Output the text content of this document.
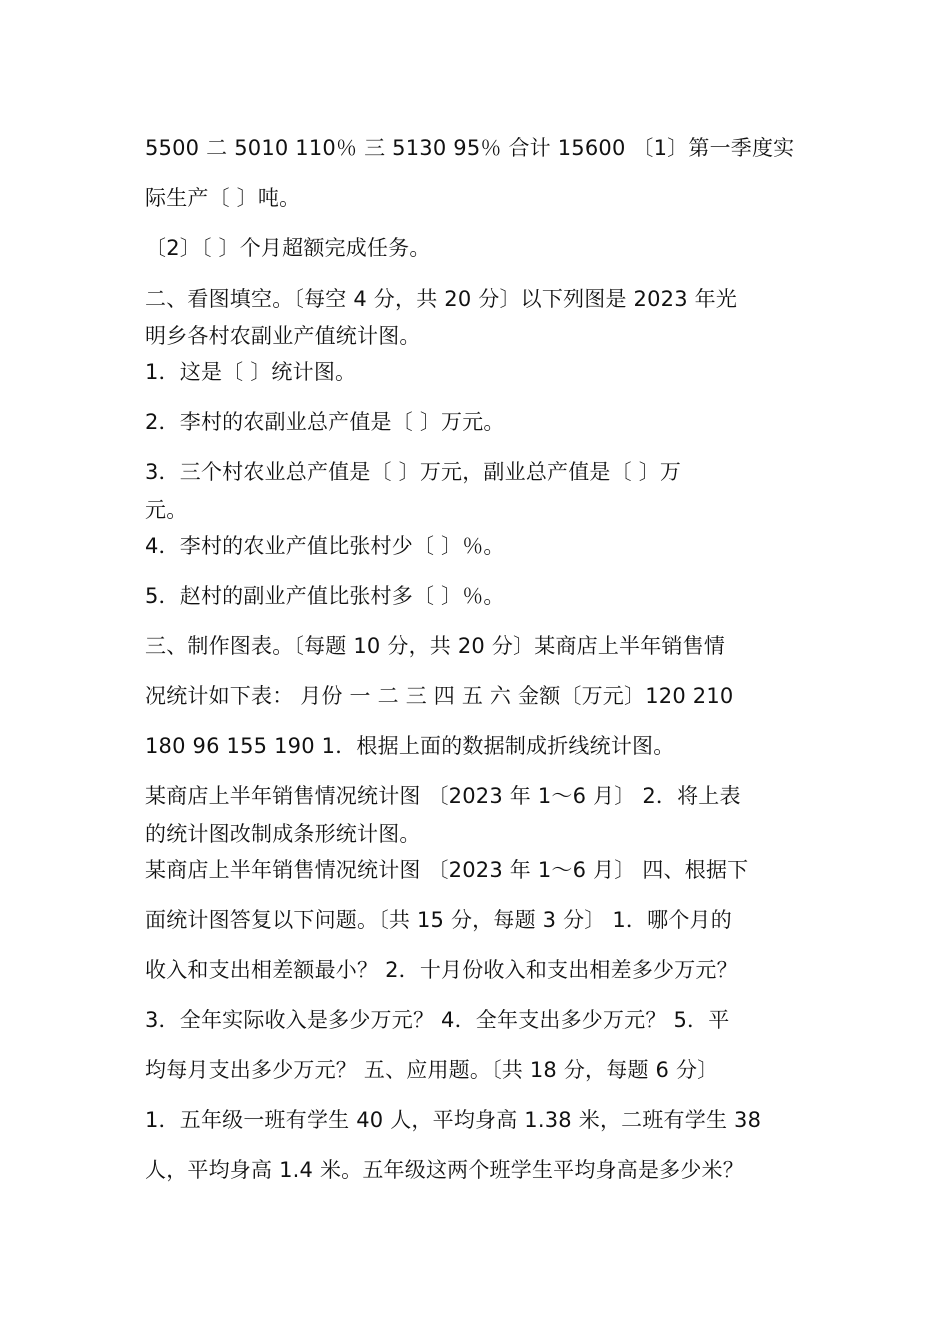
5500 二 5010 110％ 三 5130 95％ 合计 15600 〔1〕第一季度实
际生产〔 〕吨。
〔2〕〔 〕个月超额完成任务。
二、看图填空。〔每空 4 分，共 20 分〕以下列图是 2023 年光
明乡各村农副业产值统计图。
1．这是〔 〕统计图。
2．李村的农副业总产值是〔 〕万元。
3．三个村农业总产值是〔 〕万元，副业总产值是〔 〕万
元。
4．李村的农业产值比张村少〔 〕％。
5．赵村的副业产值比张村多〔 〕％。
三、制作图表。〔每题 10 分，共 20 分〕某商店上半年销售情
况统计如下表： 月份 一 二 三 四 五 六 金额〔万元〕120 210
180 96 155 190 1．根据上面的数据制成折线统计图。
某商店上半年销售情况统计图 〔2023 年 1～6 月〕 2．将上表
的统计图改制成条形统计图。
某商店上半年销售情况统计图 〔2023 年 1～6 月〕 四、根据下
面统计图答复以下问题。〔共 15 分，每题 3 分〕 1．哪个月的
收入和支出相差额最小？ 2．十月份收入和支出相差多少万元？
3．全年实际收入是多少万元？ 4．全年支出多少万元？ 5．平
均每月支出多少万元？ 五、应用题。〔共 18 分，每题 6 分〕
1．五年级一班有学生 40 人，平均身高 1.38 米，二班有学生 38
人，平均身高 1.4 米。五年级这两个班学生平均身高是多少米？
